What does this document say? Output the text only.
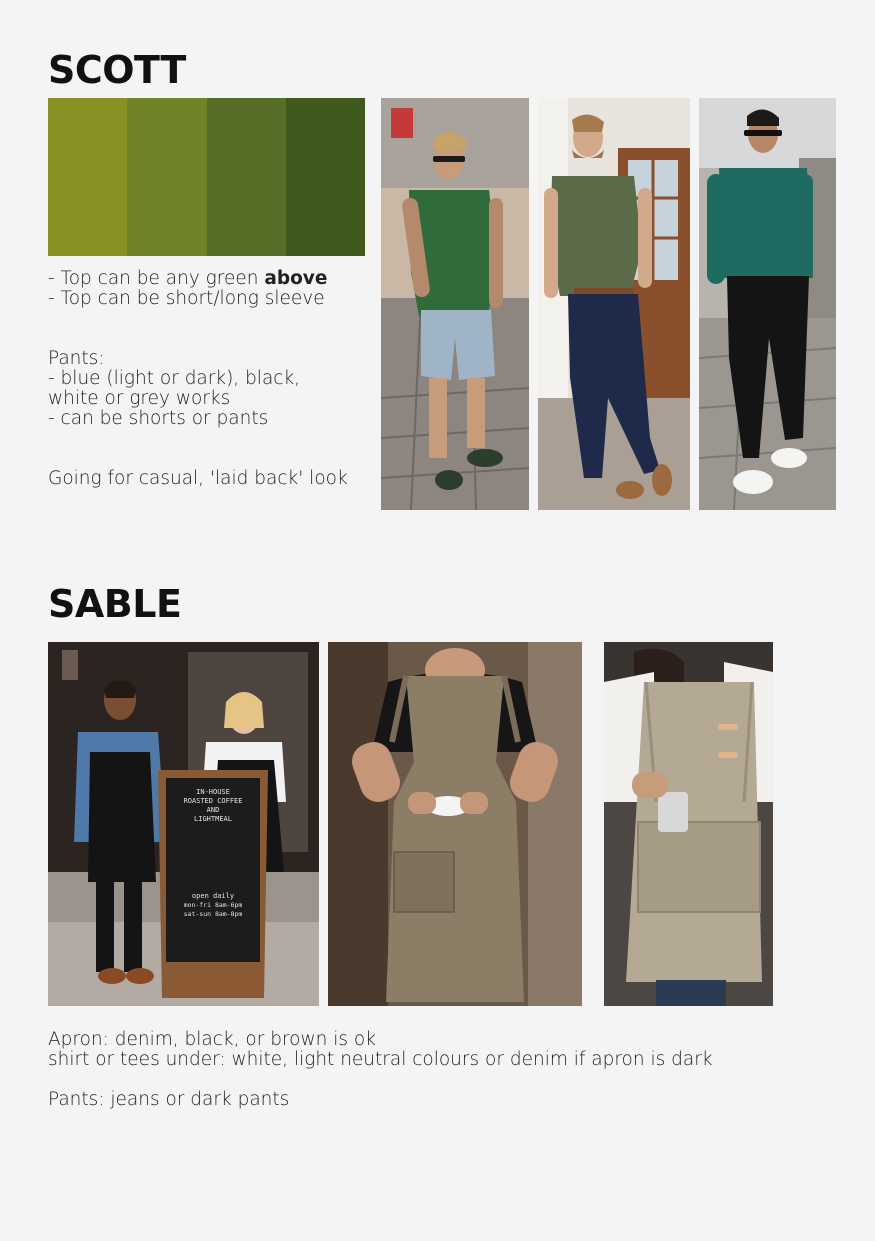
SCOTT
- Top can be any green above
- Top can be short/long sleeve
Pants:
- blue (light or dark), black,
white or grey works
- can be shorts or pants
Going for casual, 'laid back' look
SABLE
IN-HOUSE
ROASTED COFFEE
AND
LIGHTMEAL
open daily
mon-fri 8am-6pm
sat-sun 8am-8pm
Apron: denim, black, or brown is ok
shirt or tees under: white, light neutral colours or denim if apron is dark
Pants: jeans or dark pants
